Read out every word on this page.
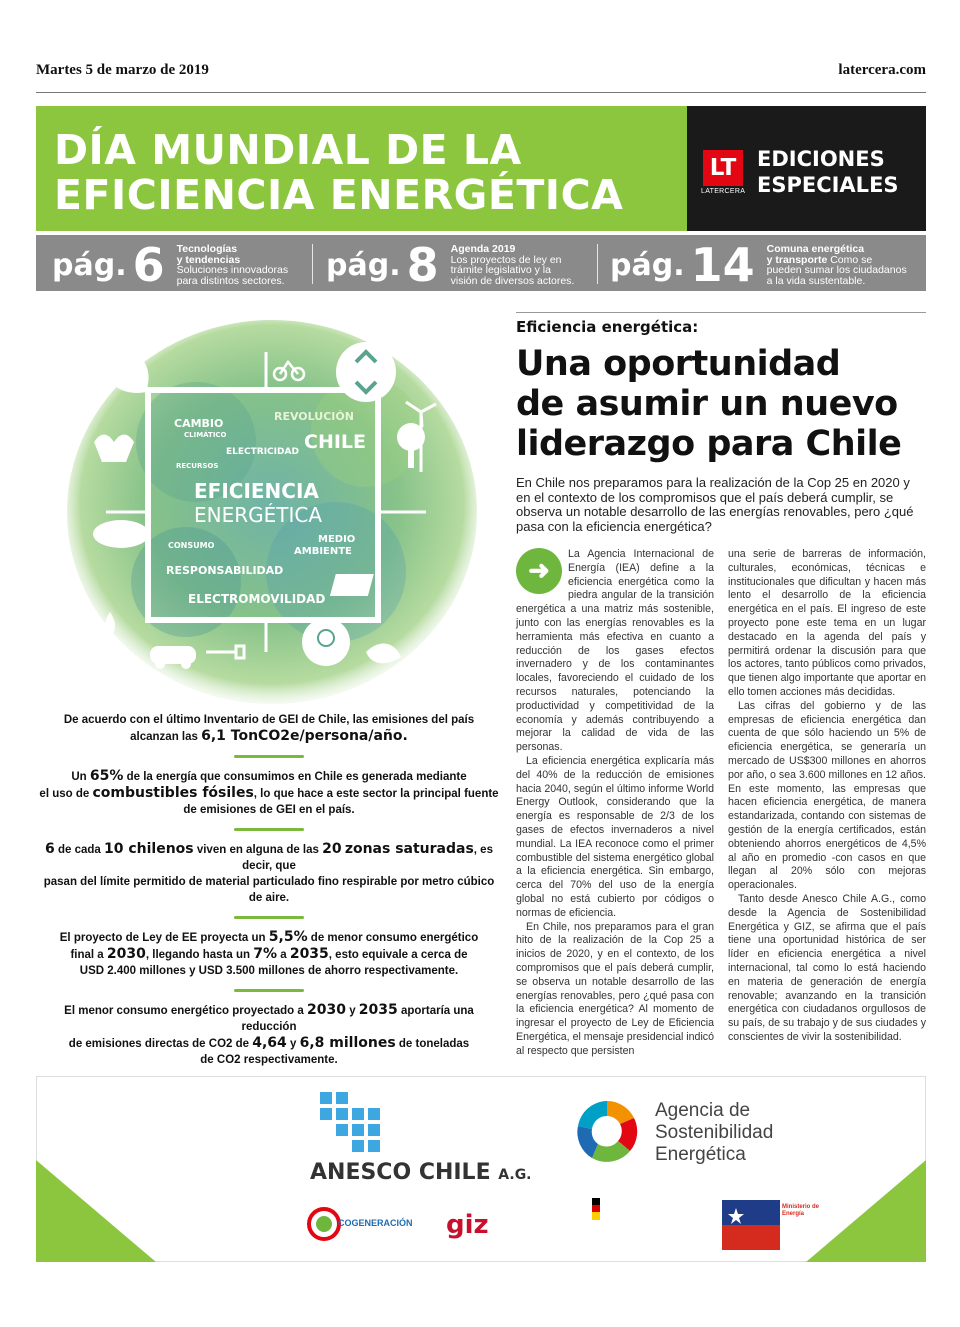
Martes 5 de marzo de 2019	latercera.com
DÍA MUNDIAL DE LA
EFICIENCIA ENERGÉTICA
LT
LATERCERA
EDICIONES
ESPECIALES
pág. 6 Tecnologías
y tendencias
Soluciones innovadoras
para distintos sectores. pág. 8 Agenda 2019
Los proyectos de ley en
trámite legislativo y la
visión de diversos actores. pág. 14 Comuna energética
y transporte Como se
pueden sumar los ciudadanos
a la vida sustentable.
CAMBIO
CLIMÁTICO
REVOLUCIÓN
CHILE
ELECTRICIDAD
RECURSOS
EFICIENCIA
ENERGÉTICA
CONSUMO
MEDIO
AMBIENTE
RESPONSABILIDAD
ELECTROMOVILIDAD
De acuerdo con el último Inventario de GEI de Chile, las emisiones del país
alcanzan las 6,1 TonCO2e/persona/año.
Un 65% de la energía que consumimos en Chile es generada mediante
el uso de combustibles fósiles, lo que hace a este sector la principal fuente
de emisiones de GEI en el país.
6 de cada 10 chilenos viven en alguna de las 20 zonas saturadas, es decir, que
pasan del límite permitido de material particulado fino respirable por metro cúbico de aire.
El proyecto de Ley de EE proyecta un 5,5% de menor consumo energético
final a 2030, llegando hasta un 7% a 2035, esto equivale a cerca de
USD 2.400 millones y USD 3.500 millones de ahorro respectivamente.
El menor consumo energético proyectado a 2030 y 2035 aportaría una reducción
de emisiones directas de CO2 de 4,64 y 6,8 millones de toneladas
de CO2 respectivamente.
Eficiencia energética:
Una oportunidad
de asumir un nuevo
liderazgo para Chile
En Chile nos preparamos para la realización de la Cop 25 en 2020 y en el contexto de los compromisos que el país deberá cumplir, se observa un notable desarrollo de las energías renovables, pero ¿qué pasa con la eficiencia energética?
➜

La Agencia Internacional de Energía (IEA) define a la eficiencia energética como la piedra angular de la transición energética a una matriz más sostenible, junto con las energías renovables es la herramienta más efectiva en cuanto a reducción de los gases efectos invernadero y de los contaminantes locales, favoreciendo el cuidado de los recursos naturales, potenciando la productividad y competitividad de la economía y además contribuyendo a mejorar la calidad de vida de las personas.

La eficiencia energética explicaría más del 40% de la reducción de emisiones hacia 2040, según el último informe World Energy Outlook, considerando que la energía es responsable de 2/3 de los gases de efectos invernaderos a nivel mundial. La IEA reconoce como el primer combustible del sistema energético global a la eficiencia energética. Sin embargo, cerca del 70% del uso de la energía global no está cubierto por códigos o normas de eficiencia.

En Chile, nos preparamos para el gran hito de la realización de la Cop 25 a inicios de 2020, y en el contexto, de los compromisos que el país deberá cumplir, se observa un notable desarrollo de las energías renovables, pero ¿qué pasa con la eficiencia energética? Al momento de ingresar el proyecto de Ley de Eficiencia Energética, el mensaje presidencial indicó al respecto que persisten

una serie de barreras de información, culturales, económicas, técnicas e institucionales que dificultan y hacen más lento el desarrollo de la eficiencia energética en el país. El ingreso de este proyecto pone este tema en un lugar destacado en la agenda del país y permitirá ordenar la discusión para que los actores, tanto públicos como privados, que tienen algo importante que aportar en ello tomen acciones más decididas.

Las cifras del gobierno y de las empresas de eficiencia energética dan cuenta de que sólo haciendo un 5% de eficiencia energética, se generaría un mercado de US$300 millones en ahorros por año, o sea 3.600 millones en 12 años. En este momento, las empresas que hacen eficiencia energética, de manera estandarizada, contando con sistemas de gestión de la energía certificados, están obteniendo ahorros energéticos de 4,5% al año en promedio -con casos en que llegan al 20% sólo con mejoras operacionales.

Tanto desde Anesco Chile A.G., como desde la Agencia de Sostenibilidad Energética y GIZ, se afirma que el país tiene una oportunidad histórica de ser líder en eficiencia energética a nivel internacional, tal como lo está haciendo en materia de generación de energía renovable; avanzando en la transición energética con ciudadanos orgullosos de su país, de su trabajo y de sus ciudades y conscientes de vivir la sostenibilidad.

ANESCO CHILE A.G.
Agencia de
Sostenibilidad
Energética
COGENERACIÓN giz
Ministerio de
Energía
